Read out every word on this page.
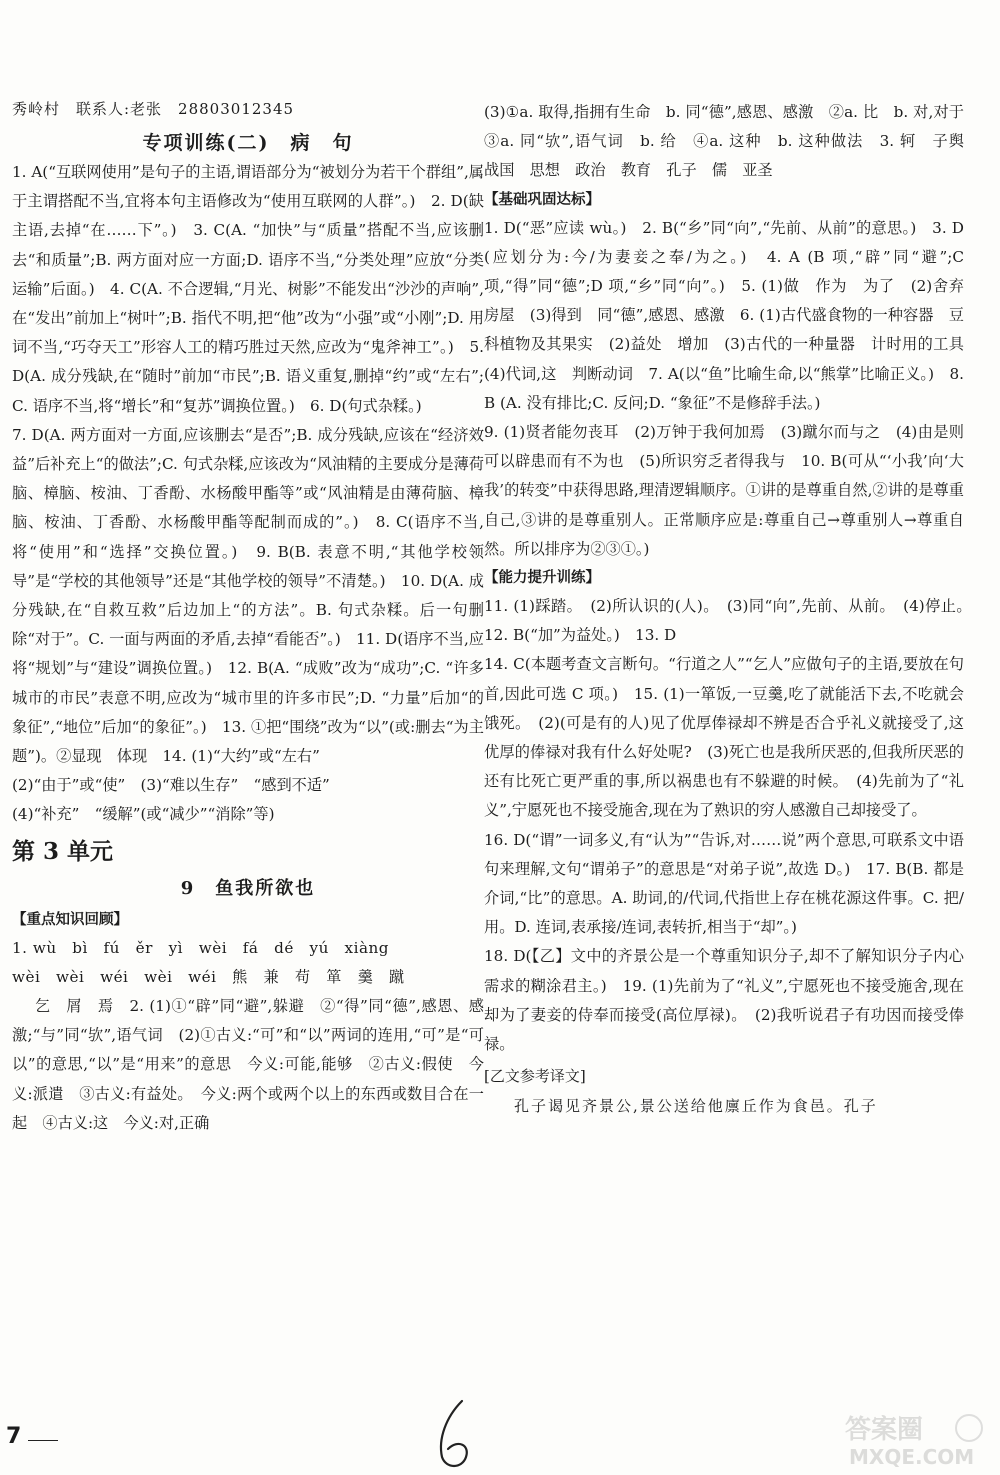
秀岭村　联系人:老张　28803012345
专项训练(二)　病　句

1. A(“互联网使用”是句子的主语,谓语部分为“被划分为若干个群组”,属于主谓搭配不当,宜将本句主语修改为“使用互联网的人群”。)　2. D(缺主语,去掉“在……下”。)　3. C(A. “加快”与“质量”搭配不当,应该删去“和质量”;B. 两方面对应一方面;D. 语序不当,“分类处理”应放“分类运输”后面。)　4. C(A. 不合逻辑,“月光、树影”不能发出“沙沙的声响”,在“发出”前加上“树叶”;B. 指代不明,把“他”改为“小强”或“小刚”;D. 用词不当,“巧夺天工”形容人工的精巧胜过天然,应改为“鬼斧神工”。)　5. D(A. 成分残缺,在“随时”前加“市民”;B. 语义重复,删掉“约”或“左右”;C. 语序不当,将“增长”和“复苏”调换位置。)　6. D(句式杂糅。)

7. D(A. 两方面对一方面,应该删去“是否”;B. 成分残缺,应该在“经济效益”后补充上“的做法”;C. 句式杂糅,应该改为“风油精的主要成分是薄荷脑、樟脑、桉油、丁香酚、水杨酸甲酯等”或“风油精是由薄荷脑、樟脑、桉油、丁香酚、水杨酸甲酯等配制而成的”。)　8. C(语序不当,将“使用”和“选择”交换位置。)　9. B(B. 表意不明,“其他学校领导”是“学校的其他领导”还是“其他学校的领导”不清楚。)　10. D(A. 成分残缺,在“自救互救”后边加上“的方法”。B. 句式杂糅。后一句删除“对于”。C. 一面与两面的矛盾,去掉“看能否”。)　11. D(语序不当,应将“规划”与“建设”调换位置。)　12. B(A. “成败”改为“成功”;C. “许多城市的市民”表意不明,应改为“城市里的许多市民”;D. “力量”后加“的象征”,“地位”后加“的象征”。)　13. ①把“围绕”改为“以”(或:删去“为主题”)。②显现　体现　14. (1)“大约”或“左右”

(2)“由于”或“使”　(3)“难以生存”　“感到不适”

(4)“补充”　“缓解”(或“减少”“消除”等)

第 3 单元
9　鱼我所欲也
【重点知识回顾】

1. wù　bì　fú　ěr　yì　wèi　fá　dé　yú　xiàng

wèi　wèi　wéi　wèi　wéi　熊　兼　苟　箪　羹　蹴

乞　屑　焉　2. (1)①“辟”同“避”,躲避　②“得”同“德”,感恩、感激;“与”同“欤”,语气词　(2)①古义:“可”和“以”两词的连用,“可”是“可以”的意思,“以”是“用来”的意思　今义:可能,能够　②古义:假使　今义:派遣　③古义:有益处。　今义:两个或两个以上的东西或数目合在一起　④古义:这　今义:对,正确

(3)①a. 取得,指拥有生命　b. 同“德”,感恩、感激　②a. 比　b. 对,对于　③a. 同“欤”,语气词　b. 给　④a. 这种　b. 这种做法　3. 轲　子舆　战国　思想　政治　教育　孔子　儒　亚圣

【基础巩固达标】

1. D(“恶”应读 wù。)　2. B(“乡”同“向”,“先前、从前”的意思。)　3. D(应划分为:今/为妻妾之奉/为之。)　4. A (B 项,“辟”同“避”;C 项,“得”同“德”;D 项,“乡”同“向”。)　5. (1)做　作为　为了　(2)舍弃　房屋　(3)得到　同“德”,感恩、感激　6. (1)古代盛食物的一种容器　豆科植物及其果实　(2)益处　增加　(3)古代的一种量器　计时用的工具　(4)代词,这　判断动词　7. A(以“鱼”比喻生命,以“熊掌”比喻正义。)　8. B (A. 没有排比;C. 反问;D. “象征”不是修辞手法。)

9. (1)贤者能勿丧耳　(2)万钟于我何加焉　(3)蹴尔而与之　(4)由是则可以辟患而有不为也　(5)所识穷乏者得我与　10. B(可从“‘小我’向‘大我’的转变”中获得思路,理清逻辑顺序。①讲的是尊重自然,②讲的是尊重自己,③讲的是尊重别人。正常顺序应是:尊重自己→尊重别人→尊重自然。所以排序为②③①。)

【能力提升训练】

11. (1)踩踏。　(2)所认识的(人)。　(3)同“向”,先前、从前。　(4)停止。　12. B(“加”为益处。)　13. D

14. C(本题考查文言断句。“行道之人”“乞人”应做句子的主语,要放在句首,因此可选 C 项。)　15. (1)一箪饭,一豆羹,吃了就能活下去,不吃就会饿死。　(2)(可是有的人)见了优厚俸禄却不辨是否合乎礼义就接受了,这优厚的俸禄对我有什么好处呢?　(3)死亡也是我所厌恶的,但我所厌恶的还有比死亡更严重的事,所以祸患也有不躲避的时候。　(4)先前为了“礼义”,宁愿死也不接受施舍,现在为了熟识的穷人感激自己却接受了。

16. D(“谓”一词多义,有“认为”“告诉,对……说”两个意思,可联系文中语句来理解,文句“谓弟子”的意思是“对弟子说”,故选 D。)　17. B(B. 都是介词,“比”的意思。A. 助词,的/代词,代指世上存在桃花源这件事。C. 把/用。D. 连词,表承接/连词,表转折,相当于“却”。)

18. D(【乙】文中的齐景公是一个尊重知识分子,却不了解知识分子内心需求的糊涂君主。)　19. (1)先前为了“礼义”,宁愿死也不接受施舍,现在却为了妻妾的侍奉而接受(高位厚禄)。　(2)我听说君子有功因而接受俸禄。

[乙文参考译文]

孔子谒见齐景公,景公送给他廪丘作为食邑。孔子

7	答案圈
MXQE.COM
